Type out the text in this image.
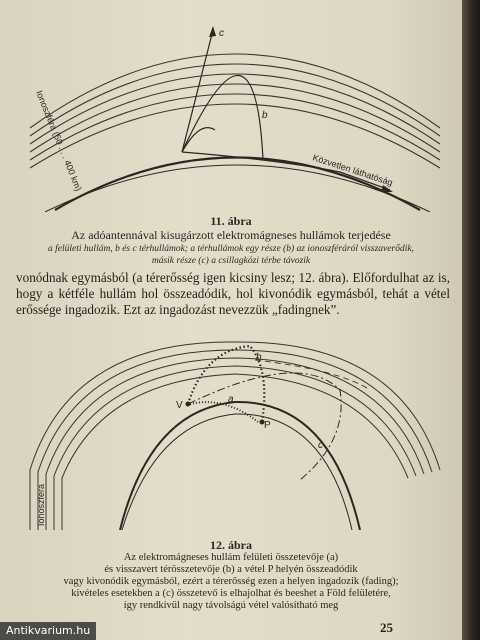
c
b
Ionoszféra (50 . . . 400 km)	Közvetlen láthatóság
11. ábra
Az adóantennával kisugárzott elektromágneses hullámok terjedése
a felületi hullám, b és c térhullámok; a térhullámok egy része (b) az ionoszféráról visszaverődik,
másik része (c) a csillagközi térbe távozik

vonódnak egymásból (a térerősség igen kicsiny lesz; 12. ábra). Előfordulhat az is, hogy a kétféle hullám hol összeadódik, hol kivonódik egymásból, tehát a vétel erőssége ingadozik. Ezt az ingadozást nevezzük „fadingnek”.

b
a
V
P
c
Ionoszféra
12. ábra
Az elektromágneses hullám felületi összetevője (a)
és visszavert térösszetevője (b) a vétel P helyén összeadódik
vagy kivonódik egymásból, ezért a térerősség ezen a helyen ingadozik (fading);
kivételes esetekben a (c) összetevő is elhajolhat és beeshet a Föld felületére,
így rendkívül nagy távolságú vétel valósítható meg
25
Antikvarium.hu
